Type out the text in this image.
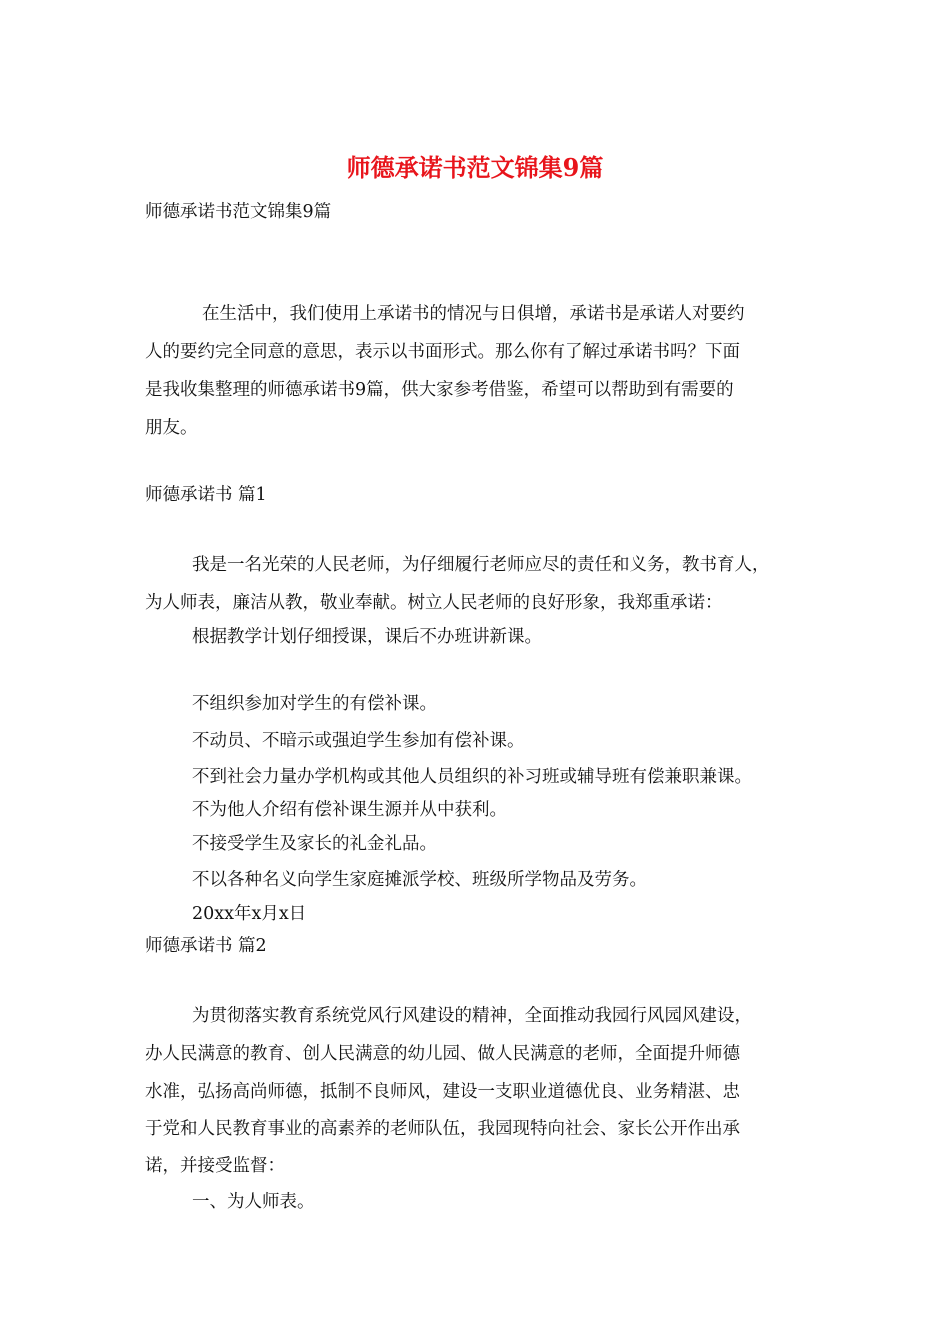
师德承诺书范文锦集9篇
师德承诺书范文锦集9篇
在生活中，我们使用上承诺书的情况与日俱增，承诺书是承诺人对要约
人的要约完全同意的意思，表示以书面形式。那么你有了解过承诺书吗？下面
是我收集整理的师德承诺书9篇，供大家参考借鉴，希望可以帮助到有需要的
朋友。
师德承诺书 篇1
我是一名光荣的人民老师，为仔细履行老师应尽的责任和义务，教书育人，
为人师表，廉洁从教，敬业奉献。树立人民老师的良好形象，我郑重承诺：
根据教学计划仔细授课，课后不办班讲新课。
不组织参加对学生的有偿补课。
不动员、不暗示或强迫学生参加有偿补课。
不到社会力量办学机构或其他人员组织的补习班或辅导班有偿兼职兼课。
不为他人介绍有偿补课生源并从中获利。
不接受学生及家长的礼金礼品。
不以各种名义向学生家庭摊派学校、班级所学物品及劳务。
20xx年x月x日
师德承诺书 篇2
为贯彻落实教育系统党风行风建设的精神，全面推动我园行风园风建设，
办人民满意的教育、创人民满意的幼儿园、做人民满意的老师，全面提升师德
水准，弘扬高尚师德，抵制不良师风，建设一支职业道德优良、业务精湛、忠
于党和人民教育事业的高素养的老师队伍，我园现特向社会、家长公开作出承
诺，并接受监督：
一、为人师表。
